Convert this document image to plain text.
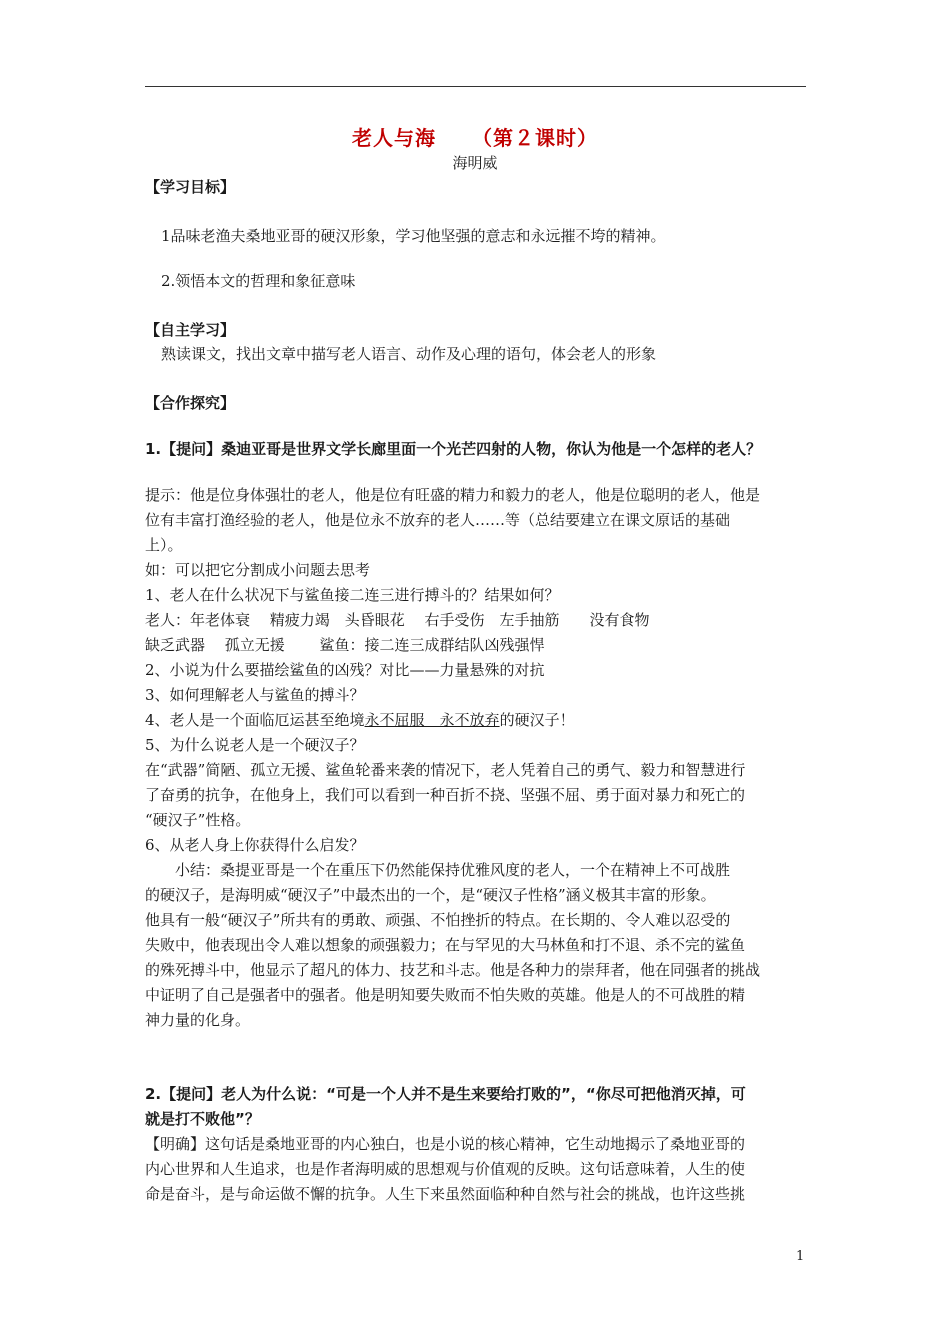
老人与海 （第２课时）
海明威
【学习目标】
1品味老渔夫桑地亚哥的硬汉形象，学习他坚强的意志和永远摧不垮的精神。
2.领悟本文的哲理和象征意味
【自主学习】
熟读课文，找出文章中描写老人语言、动作及心理的语句，体会老人的形象
【合作探究】
1.【提问】桑迪亚哥是世界文学长廊里面一个光芒四射的人物，你认为他是一个怎样的老人？
提示：他是位身体强壮的老人，他是位有旺盛的精力和毅力的老人，他是位聪明的老人，他是
位有丰富打渔经验的老人，他是位永不放弃的老人……等（总结要建立在课文原话的基础
上）。
如：可以把它分割成小问题去思考
1、老人在什么状况下与鲨鱼接二连三进行搏斗的？结果如何？
老人：年老体衰　 精疲力竭　头昏眼花　 右手受伤　左手抽筋　　没有食物
缺乏武器　 孤立无援　　 鲨鱼：接二连三成群结队凶残强悍
2、小说为什么要描绘鲨鱼的凶残？对比——力量悬殊的对抗
3、如何理解老人与鲨鱼的搏斗？
4、老人是一个面临厄运甚至绝境永不屈服　永不放弃的硬汉子！
5、为什么说老人是一个硬汉子？
在“武器”简陋、孤立无援、鲨鱼轮番来袭的情况下，老人凭着自己的勇气、毅力和智慧进行
了奋勇的抗争，在他身上，我们可以看到一种百折不挠、坚强不屈、勇于面对暴力和死亡的
“硬汉子”性格。
6、从老人身上你获得什么启发？
　　小结：桑提亚哥是一个在重压下仍然能保持优雅风度的老人，一个在精神上不可战胜
的硬汉子，是海明威“硬汉子”中最杰出的一个，是“硬汉子性格”涵义极其丰富的形象。
他具有一般“硬汉子”所共有的勇敢、顽强、不怕挫折的特点。在长期的、令人难以忍受的
失败中，他表现出令人难以想象的顽强毅力；在与罕见的大马林鱼和打不退、杀不完的鲨鱼
的殊死搏斗中，他显示了超凡的体力、技艺和斗志。他是各种力的崇拜者，他在同强者的挑战
中证明了自己是强者中的强者。他是明知要失败而不怕失败的英雄。他是人的不可战胜的精
神力量的化身。
2.【提问】老人为什么说：“可是一个人并不是生来要给打败的”，“你尽可把他消灭掉，可
就是打不败他”？
【明确】这句话是桑地亚哥的内心独白，也是小说的核心精神，它生动地揭示了桑地亚哥的
内心世界和人生追求，也是作者海明威的思想观与价值观的反映。这句话意味着，人生的使
命是奋斗，是与命运做不懈的抗争。人生下来虽然面临种种自然与社会的挑战，也许这些挑
1
